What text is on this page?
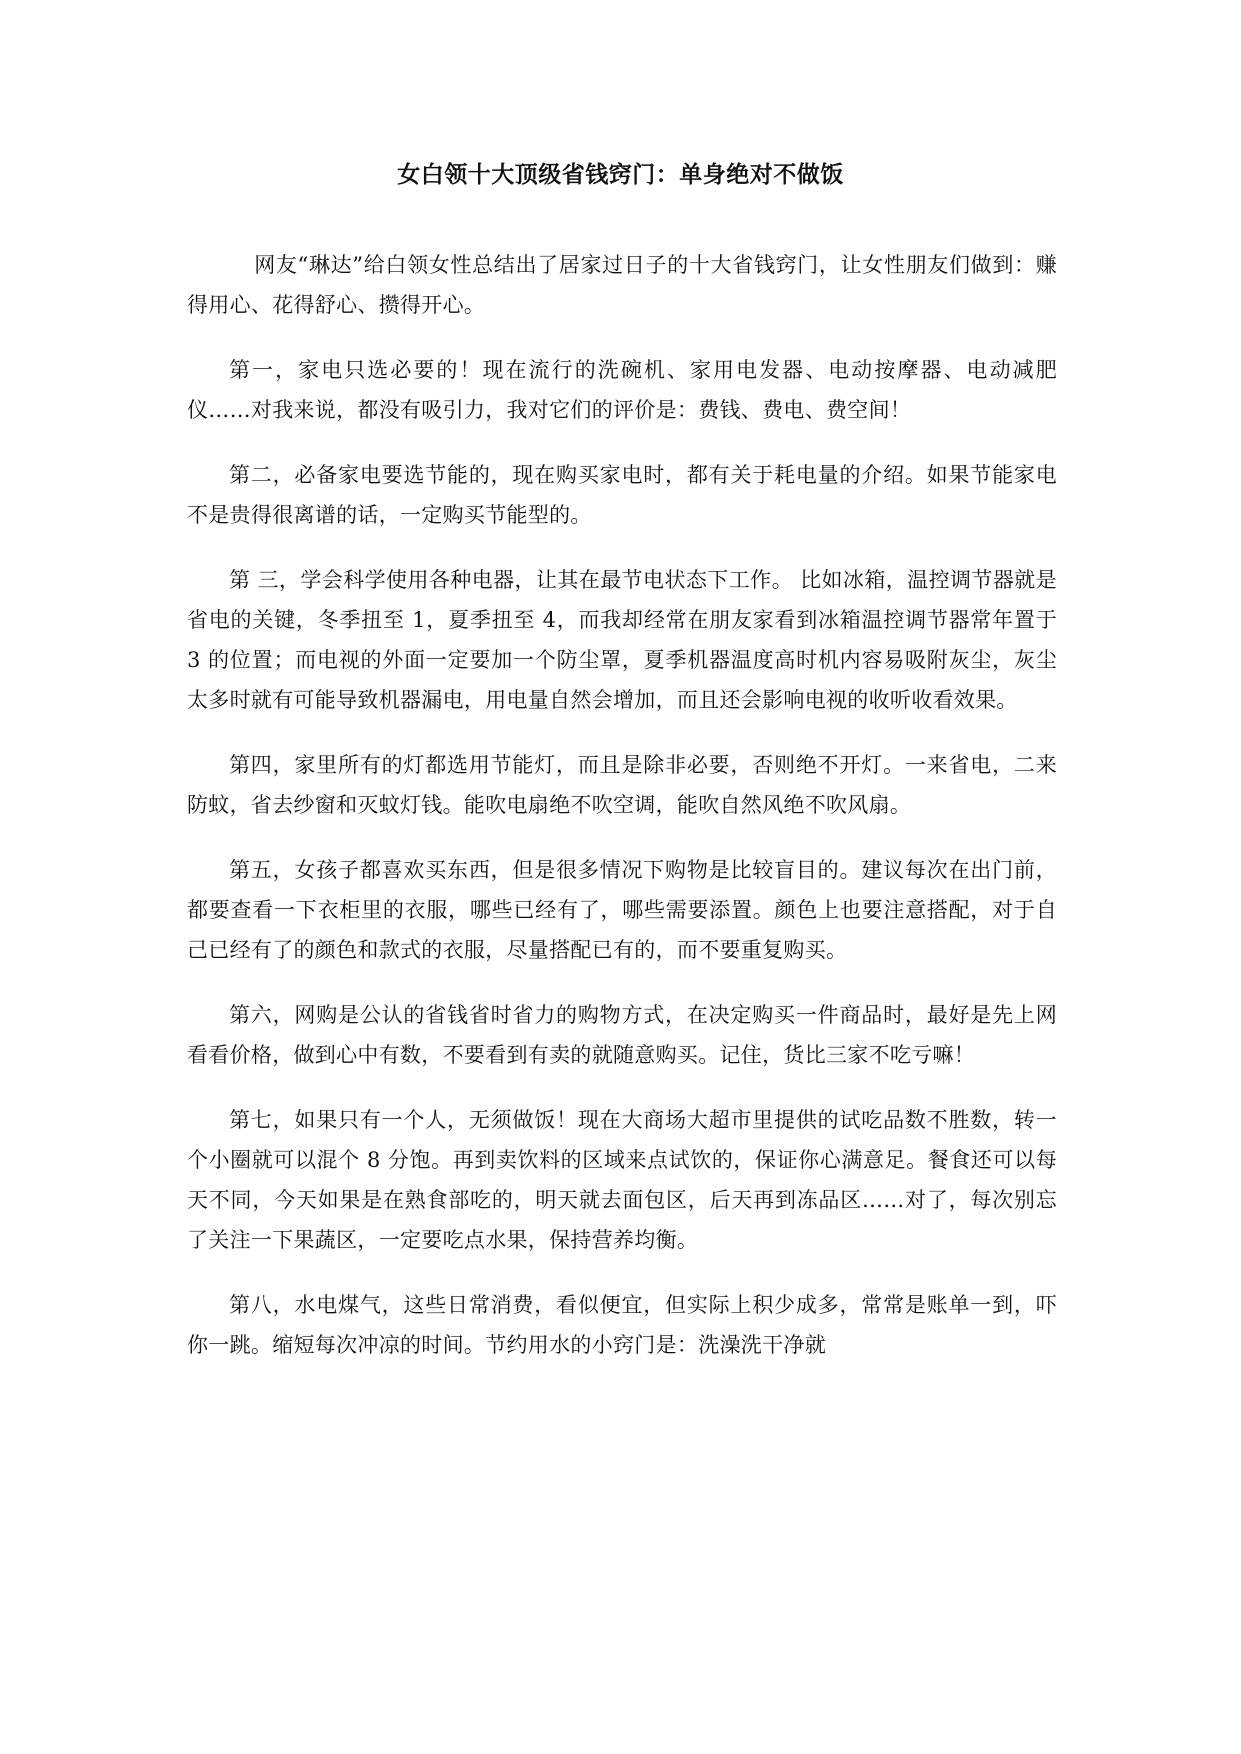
女白领十大顶级省钱窍门：单身绝对不做饭

网友“琳达”给白领女性总结出了居家过日子的十大省钱窍门，让女性朋友们做到：赚得用心、花得舒心、攒得开心。

第一，家电只选必要的！现在流行的洗碗机、家用电发器、电动按摩器、电动减肥仪……对我来说，都没有吸引力，我对它们的评价是：费钱、费电、费空间！

第二，必备家电要选节能的，现在购买家电时，都有关于耗电量的介绍。如果节能家电不是贵得很离谱的话，一定购买节能型的。

第 三，学会科学使用各种电器，让其在最节电状态下工作。 比如冰箱，温控调节器就是省电的关键，冬季扭至 1，夏季扭至 4，而我却经常在朋友家看到冰箱温控调节器常年置于 3 的位置；而电视的外面一定要加一个防尘罩，夏季机器温度高时机内容易吸附灰尘，灰尘太多时就有可能导致机器漏电，用电量自然会增加，而且还会影响电视的收听收看效果。

第四，家里所有的灯都选用节能灯，而且是除非必要，否则绝不开灯。一来省电，二来防蚊，省去纱窗和灭蚊灯钱。能吹电扇绝不吹空调，能吹自然风绝不吹风扇。

第五，女孩子都喜欢买东西，但是很多情况下购物是比较盲目的。建议每次在出门前，都要查看一下衣柜里的衣服，哪些已经有了，哪些需要添置。颜色上也要注意搭配，对于自己已经有了的颜色和款式的衣服，尽量搭配已有的，而不要重复购买。

第六，网购是公认的省钱省时省力的购物方式，在决定购买一件商品时，最好是先上网看看价格，做到心中有数，不要看到有卖的就随意购买。记住，货比三家不吃亏嘛！

第七，如果只有一个人，无须做饭！现在大商场大超市里提供的试吃品数不胜数，转一个小圈就可以混个 8 分饱。再到卖饮料的区域来点试饮的，保证你心满意足。餐食还可以每天不同，今天如果是在熟食部吃的，明天就去面包区，后天再到冻品区……对了，每次别忘了关注一下果蔬区，一定要吃点水果，保持营养均衡。

第八，水电煤气，这些日常消费，看似便宜，但实际上积少成多，常常是账单一到，吓你一跳。缩短每次冲凉的时间。节约用水的小窍门是：洗澡洗干净就
